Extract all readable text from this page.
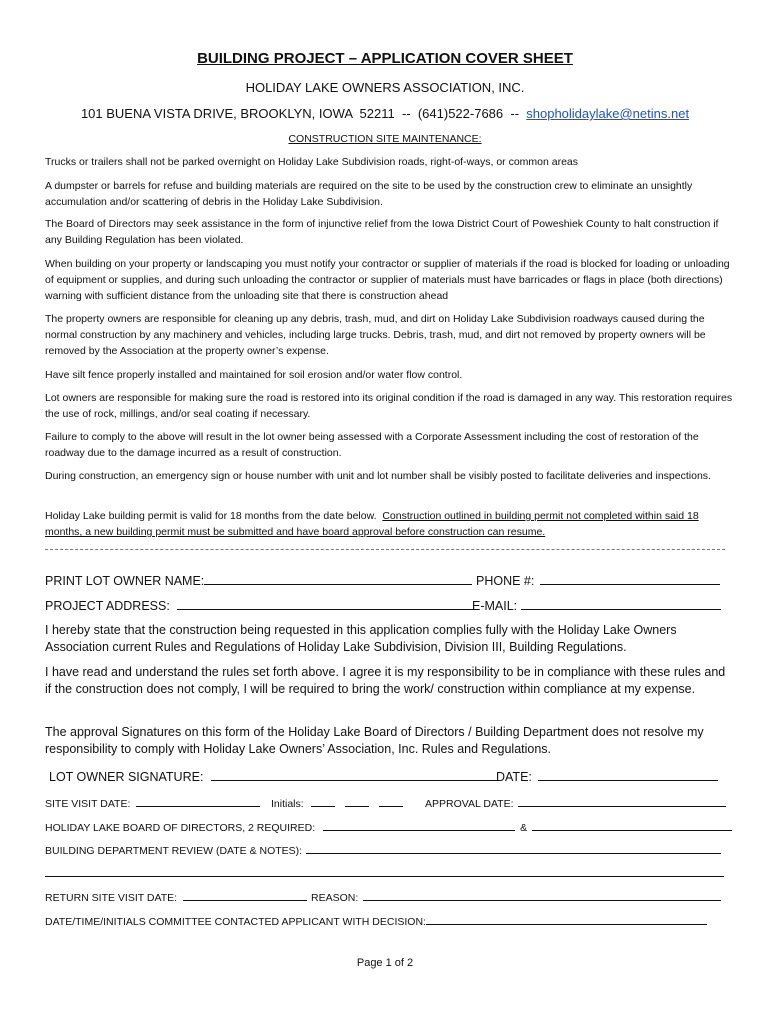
BUILDING PROJECT – APPLICATION COVER SHEET
HOLIDAY LAKE OWNERS ASSOCIATION, INC.
101 BUENA VISTA DRIVE, BROOKLYN, IOWA  52211  --  (641)522-7686  --  shopholidaylake@netins.net
CONSTRUCTION SITE MAINTENANCE:
Trucks or trailers shall not be parked overnight on Holiday Lake Subdivision roads, right-of-ways, or common areas
A dumpster or barrels for refuse and building materials are required on the site to be used by the construction crew to eliminate an unsightly accumulation and/or scattering of debris in the Holiday Lake Subdivision.
The Board of Directors may seek assistance in the form of injunctive relief from the Iowa District Court of Poweshiek County to halt construction if any Building Regulation has been violated.
When building on your property or landscaping you must notify your contractor or supplier of materials if the road is blocked for loading or unloading of equipment or supplies, and during such unloading the contractor or supplier of materials must have barricades or flags in place (both directions) warning with sufficient distance from the unloading site that there is construction ahead
The property owners are responsible for cleaning up any debris, trash, mud, and dirt on Holiday Lake Subdivision roadways caused during the normal construction by any machinery and vehicles, including large trucks. Debris, trash, mud, and dirt not removed by property owners will be removed by the Association at the property owner’s expense.
Have silt fence properly installed and maintained for soil erosion and/or water flow control.
Lot owners are responsible for making sure the road is restored into its original condition if the road is damaged in any way. This restoration requires the use of rock, millings, and/or seal coating if necessary.
Failure to comply to the above will result in the lot owner being assessed with a Corporate Assessment including the cost of restoration of the roadway due to the damage incurred as a result of construction.
During construction, an emergency sign or house number with unit and lot number shall be visibly posted to facilitate deliveries and inspections.
Holiday Lake building permit is valid for 18 months from the date below.  Construction outlined in building permit not completed within said 18 months, a new building permit must be submitted and have board approval before construction can resume.
PRINT LOT OWNER NAME:	PHONE #:
PROJECT ADDRESS:	E-MAIL:
I hereby state that the construction being requested in this application complies fully with the Holiday Lake Owners Association current Rules and Regulations of Holiday Lake Subdivision, Division III, Building Regulations.
I have read and understand the rules set forth above. I agree it is my responsibility to be in compliance with these rules and if the construction does not comply, I will be required to bring the work/ construction within compliance at my expense.
The approval Signatures on this form of the Holiday Lake Board of Directors / Building Department does not resolve my responsibility to comply with Holiday Lake Owners’ Association, Inc. Rules and Regulations.
LOT OWNER SIGNATURE:	DATE:
SITE VISIT DATE:	Initials:	APPROVAL DATE:
HOLIDAY LAKE BOARD OF DIRECTORS, 2 REQUIRED:	&
BUILDING DEPARTMENT REVIEW (DATE & NOTES):
RETURN SITE VISIT DATE:	REASON:
DATE/TIME/INITIALS COMMITTEE CONTACTED APPLICANT WITH DECISION:
Page 1 of 2
